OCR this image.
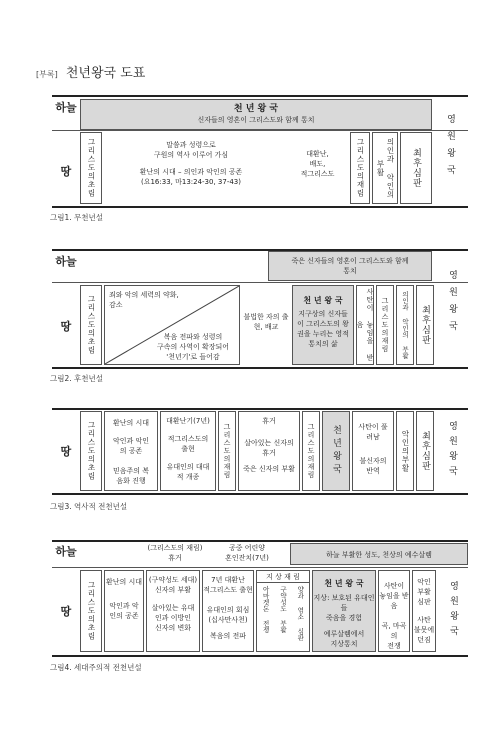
[부록] 천년왕국 도표
하늘	천 년 왕 국
신자들의 영혼이 그리스도와 함께 통치
땅	그리스도의초림	말씀과 성령으로
구원의 역사 이루어 가심
환난의 시대 – 의인과 악인의 공존
(요16:33, 마13:24-30, 37-43)
대환난,
배도,
적그리스도	그리스도의재림	의인과 악인의 부활	최후심판	영원왕국
그림1. 무천년설
하늘	죽은 신자들의 영혼이 그리스도와 함께 통치
땅	그리스도의초림
죄와 악의 세력의 약화, 감소
복음 전파와 성령의
구속의 사역이 확장되어
'천년기'로 들어감
불법한 자의 출현, 배교
천 년 왕 국
지구상의 신자들이 그리스도의 왕권을 누리는 영적 통치의 삶	사탄이 놓임을 받음	그리스도의재림 의인과 악인의 부활 최후심판 영원왕국
그림2. 후천년설
땅	그리스도의초림	환난의 시대
악인과 악인의 공존
믿음주의 복음화 진행
대환난기(7년)
적그리스도의 출현
유대인의 대대적 개종	그리스도의재림
휴거
살아있는 신자의 휴거
죽은 신자의 부활 그리스도의재림 천년왕국	사탄이 풀려남
불신자의 반역	악인의부활 최후심판 영원왕국
그림3. 역사적 전천년설
하늘	(그리스도의 재림)
휴거
공중 어린양
혼인잔치(7년)	하늘 부활한 성도, 천상의 예수살렘
땅	그리스도의초림 환난의 시대
악인과 악인의 공존
(구약성도 세대)
신자의 부활
살아있는 유대인과 이방인
신자의 변화
7년 대환난
적그리스도 출현
유대인의 회심
(십사만사천)
복음의 전파
지 상 재 림
아마겟돈 전쟁 구약성도 부활 양과 염소 심판
천 년 왕 국
지상: 보호된 유대인들
죽음을 경험
예루살렘에서
지상통치
사탄이
놓임을 받음
곡, 마곡의
전쟁
악인
부활
심판
사탄
불못에
던짐	영원왕국
그림4. 세대주의적 전천년설
